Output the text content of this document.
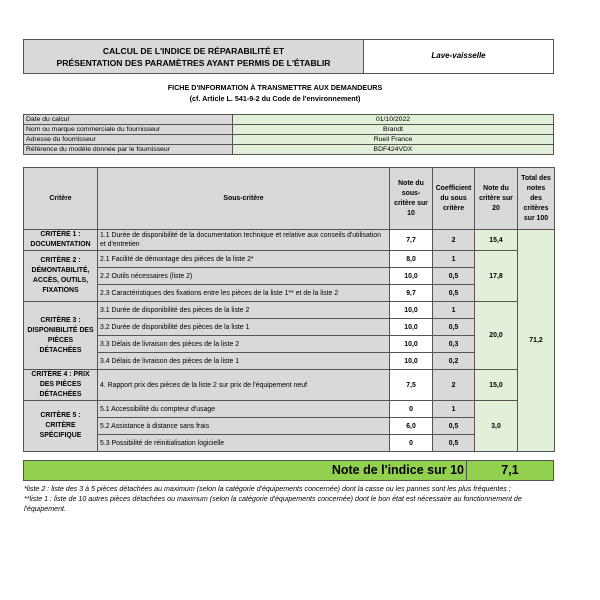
CALCUL DE L'INDICE DE RÉPARABILITÉ ET
PRÉSENTATION DES PARAMÈTRES AYANT PERMIS DE L'ÉTABLIR
Lave-vaisselle
FICHE D'INFORMATION À TRANSMETTRE AUX DEMANDEURS
(cf. Article L. 541-9-2 du Code de l'environnement)
Date du calcul	01/10/2022
Nom ou marque commerciale du fournisseur	Brandt
Adresse du fournisseur	Rueil France
Référence du modèle donnée par le fournisseur	BDF424VDX
Critère	Sous-critère	Note du sous-critère sur 10	Coefficient du sous critère	Note du critère sur 20	Total des notes des critères sur 100
CRITÈRE 1 : DOCUMENTATION	1.1 Durée de disponibilité de la documentation technique et relative aux conseils d'utilisation et d'entretien	7,7	2	15,4	71,2
CRITÈRE 2 : DÉMONTABILITÉ, ACCÈS, OUTILS, FIXATIONS	2.1 Facilité de démontage des pièces de la liste 2*	8,0	1	17,8	
	2.2 Outils nécessaires (liste 2)	10,0	0,5		
	2.3 Caractéristiques des fixations entre les pièces de la liste 1** et de la liste 2	9,7	0,5		
CRITÈRE 3 : DISPONIBILITÉ DES PIÈCES DÉTACHÉES	3.1 Durée de disponibilité des pièces de la liste 2	10,0	1	20,0	
	3.2 Durée de disponibilité des pièces de la liste 1	10,0	0,5		
	3.3 Délais de livraison des pièces de la liste 2	10,0	0,3		
	3.4 Délais de livraison des pièces de la liste 1	10,0	0,2		
CRITÈRE 4 : PRIX DES PIÈCES DÉTACHÉES	4. Rapport prix des pièces de la liste 2 sur prix de l'équipement neuf	7,5	2	15,0	
CRITÈRE 5 : CRITÈRE SPÉCIFIQUE	5.1 Accessibilité du compteur d'usage	0	1	3,0	
	5.2 Assistance à distance sans frais	6,0	0,5		
	5.3 Possibilité de réinitialisation logicielle	0	0,5		
Note de l'indice sur 10	7,1
*liste 2 : liste des 3 à 5 pièces détachées au maximum (selon la catégorie d'équipements concernée) dont la casse ou les pannes sont les plus fréquentes ;
**liste 1 : liste de 10 autres pièces détachées ou maximum (selon la catégorie d'équipements concernée) dont le bon état est nécessaire au fonctionnement de l'équipement.
